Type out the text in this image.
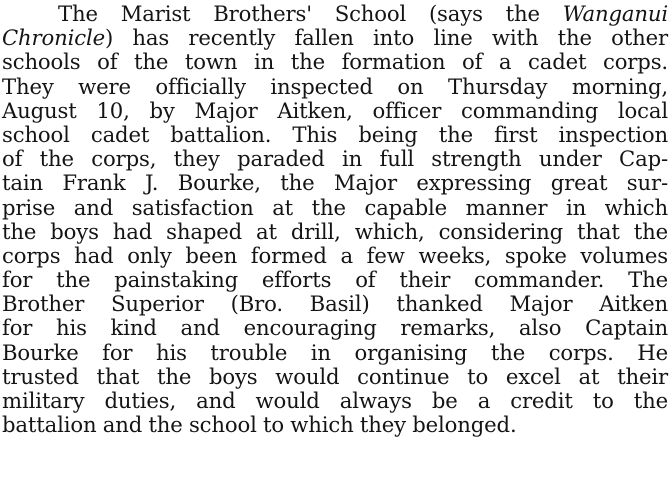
The Marist Brothers' School (says the Wanganui
Chronicle) has recently fallen into line with the other
schools of the town in the formation of a cadet corps.
They were officially inspected on Thursday morning,
August 10, by Major Aitken, officer commanding local
school cadet battalion. This being the first inspection
of the corps, they paraded in full strength under Cap-
tain Frank J. Bourke, the Major expressing great sur-
prise and satisfaction at the capable manner in which
the boys had shaped at drill, which, considering that the
corps had only been formed a few weeks, spoke volumes
for the painstaking efforts of their commander. The
Brother Superior (Bro. Basil) thanked Major Aitken
for his kind and encouraging remarks, also Captain
Bourke for his trouble in organising the corps. He
trusted that the boys would continue to excel at their
military duties, and would always be a credit to the
battalion and the school to which they belonged.
